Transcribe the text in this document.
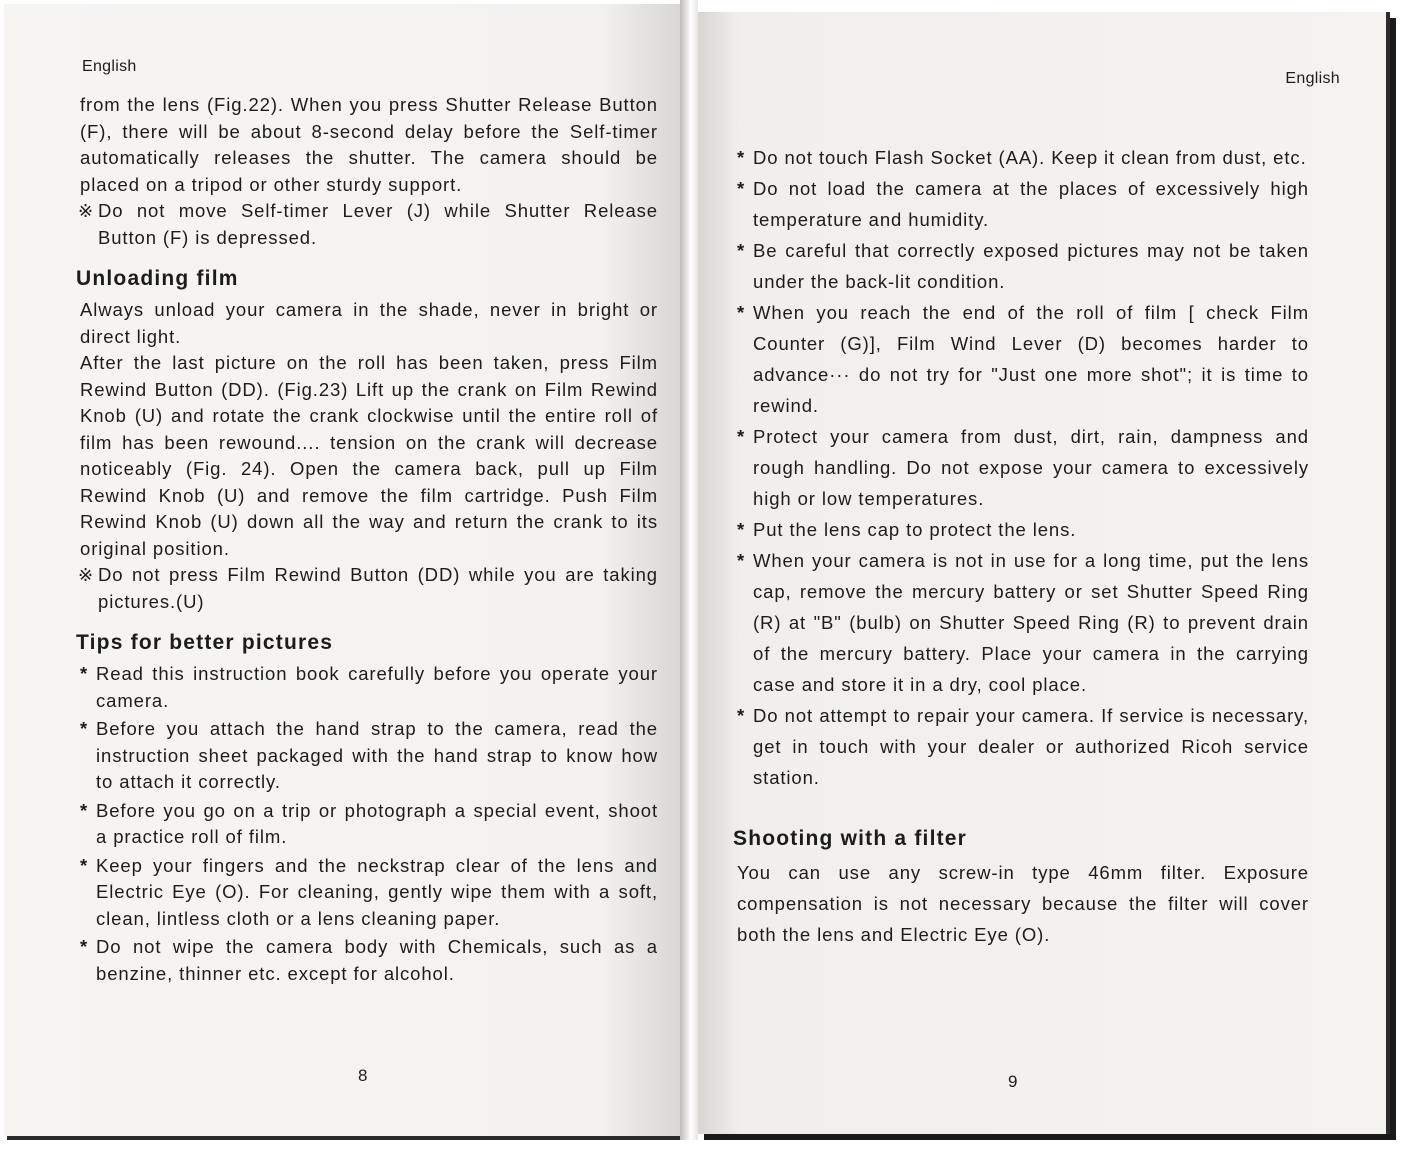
English

from the lens (Fig.22). When you press Shutter Release Button (F), there will be about 8-second delay before the Self-timer automatically releases the shutter. The camera should be placed on a tripod or other sturdy support.

※ Do not move Self-timer Lever (J) while Shutter Release Button (F) is depressed.

Unloading film

Always unload your camera in the shade, never in bright or direct light.

After the last picture on the roll has been taken, press Film Rewind Button (DD). (Fig.23) Lift up the crank on Film Rewind Knob (U) and rotate the crank clockwise until the entire roll of film has been rewound.... tension on the crank will decrease noticeably (Fig. 24). Open the camera back, pull up Film Rewind Knob (U) and remove the film cartridge. Push Film Rewind Knob (U) down all the way and return the crank to its original position.

※ Do not press Film Rewind Button (DD) while you are taking pictures.(U)

Tips for better pictures
* Read this instruction book carefully before you operate your camera.
* Before you attach the hand strap to the camera, read the instruction sheet packaged with the hand strap to know how to attach it correctly.
* Before you go on a trip or photograph a special event, shoot a practice roll of film.
* Keep your fingers and the neckstrap clear of the lens and Electric Eye (O). For cleaning, gently wipe them with a soft, clean, lintless cloth or a lens cleaning paper.
* Do not wipe the camera body with Chemicals, such as a benzine, thinner etc. except for alcohol.
8
English
* Do not touch Flash Socket (AA). Keep it clean from dust, etc.
* Do not load the camera at the places of excessively high temperature and humidity.
* Be careful that correctly exposed pictures may not be taken under the back-lit condition.
* When you reach the end of the roll of film [ check Film Counter (G)], Film Wind Lever (D) becomes harder to advance··· do not try for "Just one more shot"; it is time to rewind.
* Protect your camera from dust, dirt, rain, dampness and rough handling. Do not expose your camera to excessively high or low temperatures.
* Put the lens cap to protect the lens.
* When your camera is not in use for a long time, put the lens cap, remove the mercury battery or set Shutter Speed Ring (R) at "B" (bulb) on Shutter Speed Ring (R) to prevent drain of the mercury battery. Place your camera in the carrying case and store it in a dry, cool place.
* Do not attempt to repair your camera. If service is necessary, get in touch with your dealer or authorized Ricoh service station.
Shooting with a filter

You can use any screw-in type 46mm filter. Exposure compensation is not necessary because the filter will cover both the lens and Electric Eye (O).

9
